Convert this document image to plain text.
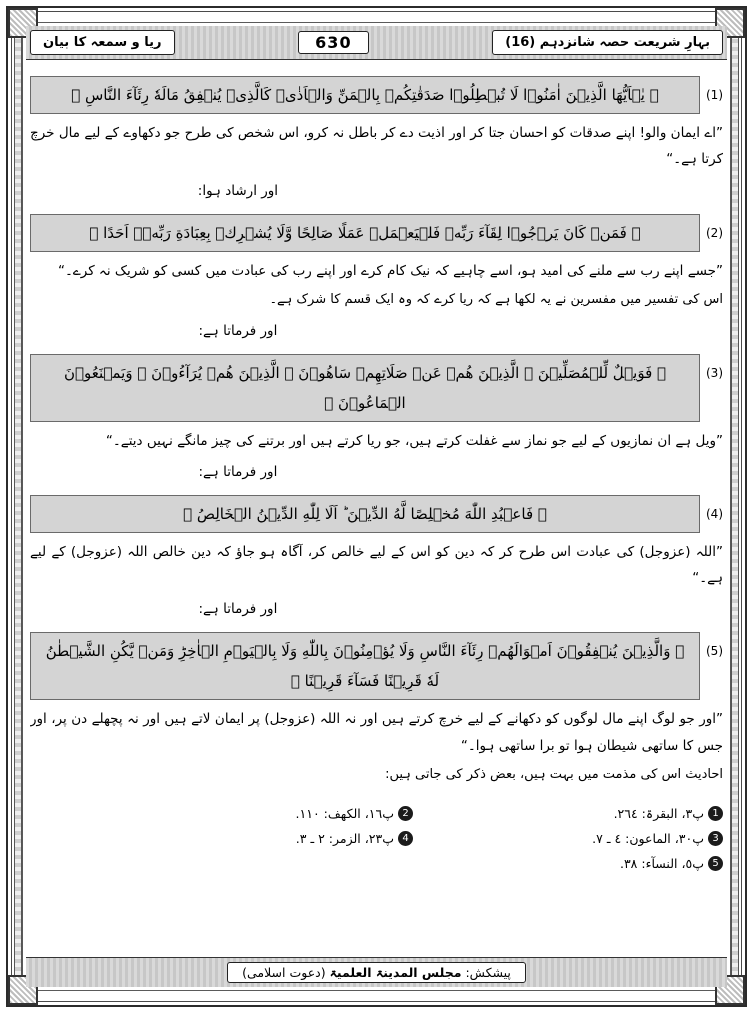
ریا و سمعہ کا بیان	630	بہارِ شریعت حصہ شانزدہم (16)
(1)
﴿ يٰۤاَيُّهَا الَّذِيۡنَ اٰمَنُوۡا لَا تُبۡطِلُوۡا صَدَقٰتِكُمۡ بِالۡمَنِّ وَالۡاَذٰىۙ كَالَّذِىۡ يُنۡفِقُ مَالَهٗ رِئَآءَ النَّاسِ ﴾
”اے ایمان والو! اپنے صدقات کو احسان جتا کر اور اذیت دے کر باطل نہ کرو، اس شخص کی طرح جو دکھاوے کے لیے مال خرچ کرتا ہے۔“
اور ارشاد ہوا:
(2)
﴿ فَمَنۡ كَانَ يَرۡجُوۡا لِقَآءَ رَبِّهٖ فَلۡيَعۡمَلۡ عَمَلًا صَالِحًا وَّلَا يُشۡرِكۡ بِعِبَادَةِ رَبِّهٖۤ اَحَدًا ﴾
”جسے اپنے رب سے ملنے کی امید ہو، اسے چاہیے کہ نیک کام کرے اور اپنے رب کی عبادت میں کسی کو شریک نہ کرے۔“
اس کی تفسیر میں مفسرین نے یہ لکھا ہے کہ ریا کرے کہ وہ ایک قسم کا شرک ہے۔
اور فرماتا ہے:
(3)
﴿ فَوَيۡلٌ لِّلۡمُصَلِّيۡنَ ۙ الَّذِيۡنَ هُمۡ عَنۡ صَلَاتِهِمۡ سَاهُوۡنَ ۙ الَّذِيۡنَ هُمۡ يُرَآءُوۡنَ ۙ وَيَمۡنَعُوۡنَ الۡمَاعُوۡنَ ﴾
”ویل ہے ان نمازیوں کے لیے جو نماز سے غفلت کرتے ہیں، جو ریا کرتے ہیں اور برتنے کی چیز مانگے نہیں دیتے۔“
اور فرماتا ہے:
(4)
﴿ فَاعۡبُدِ اللّٰهَ مُخۡلِصًا لَّهُ الدِّيۡنَ ؕ اَلَا لِلّٰهِ الدِّيۡنُ الۡخَالِصُ ﴾
”اللہ (عزوجل) کی عبادت اس طرح کر کہ دین کو اس کے لیے خالص کر، آگاہ ہو جاؤ کہ دین خالص اللہ (عزوجل) کے لیے ہے۔“
اور فرماتا ہے:
(5)
﴿ وَالَّذِيۡنَ يُنۡفِقُوۡنَ اَمۡوَالَهُمۡ رِئَآءَ النَّاسِ وَلَا يُؤۡمِنُوۡنَ بِاللّٰهِ وَلَا بِالۡيَوۡمِ الۡاٰخِرِؕ وَمَنۡ يَّكُنِ الشَّيۡطٰنُ لَهٗ قَرِيۡنًا فَسَآءَ قَرِيۡنًا ﴾
”اور جو لوگ اپنے مال لوگوں کو دکھانے کے لیے خرچ کرتے ہیں اور نہ اللہ (عزوجل) پر ایمان لاتے ہیں اور نہ پچھلے دن پر، اور جس کا ساتھی شیطان ہوا تو برا ساتھی ہوا۔“
احادیث اس کی مذمت میں بہت ہیں، بعض ذکر کی جاتی ہیں:
1
پ٣، البقرۃ: ٢٦٤.
2
پ١٦، الکهف: ١١٠.
3
پ٣٠، الماعون: ٤ ـ ٧.
4
پ٢٣، الزمر: ٢ ـ ٣.
5
پ٥، النسآء: ٣٨.
پیشکش: مجلس المدینۃ العلمیۃ (دعوت اسلامی)
